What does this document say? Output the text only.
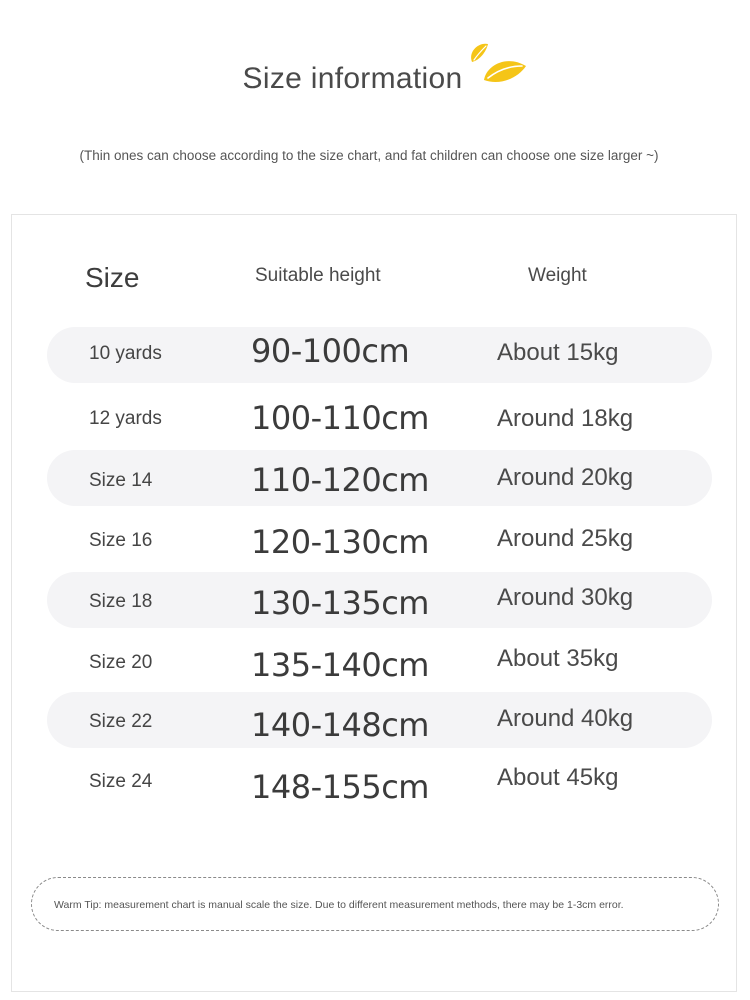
Size information
(Thin ones can choose according to the size chart, and fat children can choose one size larger ~)
Size	Suitable height	Weight
10 yards	90-100cm	About 15kg
12 yards	100-110cm	Around 18kg
Size 14	110-120cm	Around 20kg
Size 16	120-130cm	Around 25kg
Size 18	130-135cm	Around 30kg
Size 20	135-140cm	About 35kg
Size 22	140-148cm	Around 40kg
Size 24	148-155cm	About 45kg
Warm Tip: measurement chart is manual scale the size. Due to different measurement methods, there may be 1-3cm error.
